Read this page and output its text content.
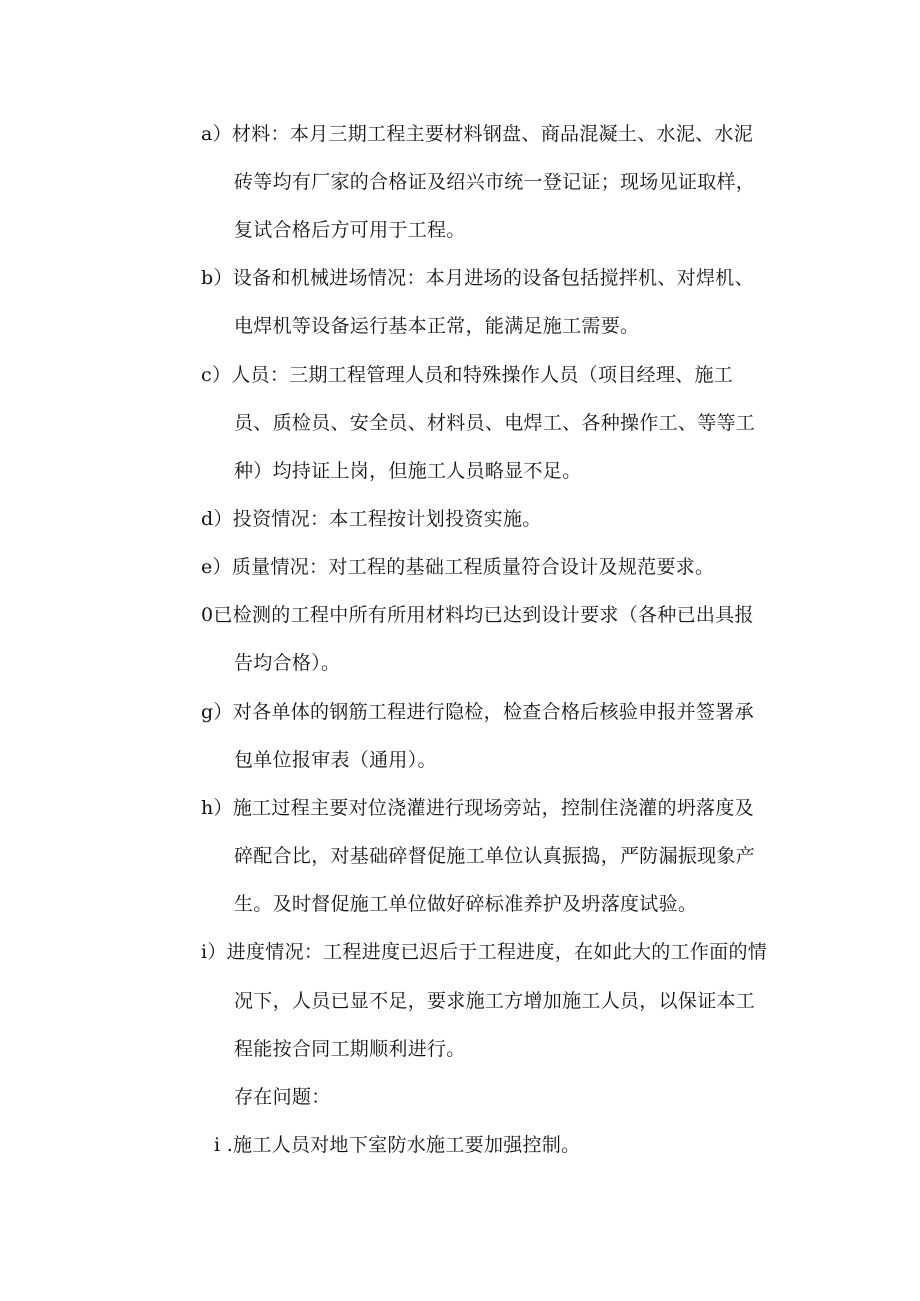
a）材料：本月三期工程主要材料钢盘、商品混凝土、水泥、水泥
砖等均有厂家的合格证及绍兴市统一登记证；现场见证取样，
复试合格后方可用于工程。
b）设备和机械进场情况：本月进场的设备包括搅拌机、对焊机、
电焊机等设备运行基本正常，能满足施工需要。
c）人员：三期工程管理人员和特殊操作人员（项目经理、施工
员、质检员、安全员、材料员、电焊工、各种操作工、等等工
种）均持证上岗，但施工人员略显不足。
d）投资情况：本工程按计划投资实施。
e）质量情况：对工程的基础工程质量符合设计及规范要求。
0已检测的工程中所有所用材料均已达到设计要求（各种已出具报
告均合格）。
g）对各单体的钢筋工程进行隐检，检查合格后核验申报并签署承
包单位报审表（通用）。
h）施工过程主要对位浇灌进行现场旁站，控制住浇灌的坍落度及
碎配合比，对基础碎督促施工单位认真振捣，严防漏振现象产
生。及时督促施工单位做好碎标准养护及坍落度试验。
i）进度情况：工程进度已迟后于工程进度，在如此大的工作面的情
况下，人员已显不足，要求施工方增加施工人员，以保证本工
程能按合同工期顺利进行。
存在问题：
i .施工人员对地下室防水施工要加强控制。
